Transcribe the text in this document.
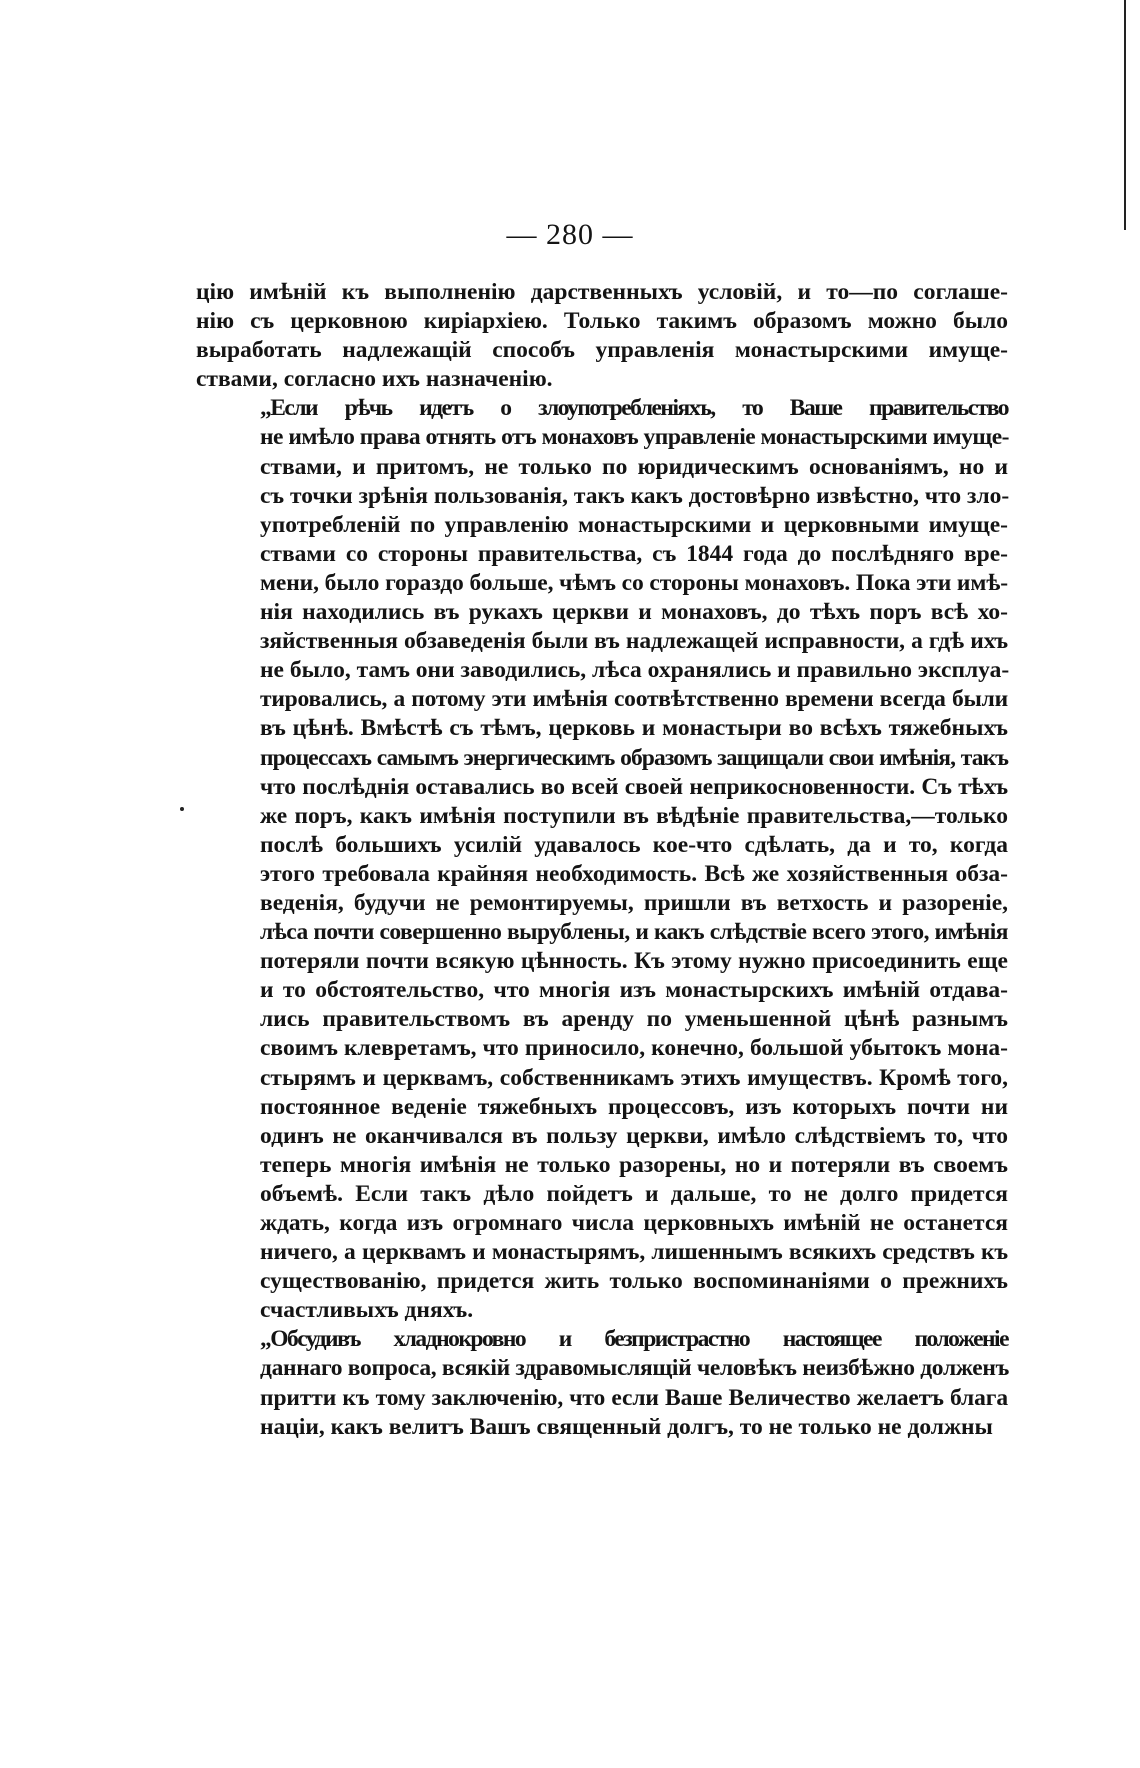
— 280 —
цію имѣній къ выполненію дарственныхъ условій, и то—по соглаше-
нію съ церковною киріархіею. Только такимъ образомъ можно было
выработать надлежащій способъ управленія монастырскими имуще-
ствами, согласно ихъ назначенію.
„Если рѣчь идетъ о злоупотребленіяхъ, то Ваше правительство
не имѣло права отнять отъ монаховъ управленіе монастырскими имуще-
ствами, и притомъ, не только по юридическимъ основаніямъ, но и
съ точки зрѣнія пользованія, такъ какъ достовѣрно извѣстно, что зло-
употребленій по управленію монастырскими и церковными имуще-
ствами со стороны правительства, съ 1844 года до послѣдняго вре-
мени, было гораздо больше, чѣмъ со стороны монаховъ. Пока эти имѣ-
нія находились въ рукахъ церкви и монаховъ, до тѣхъ поръ всѣ хо-
зяйственныя обзаведенія были въ надлежащей исправности, а гдѣ ихъ
не было, тамъ они заводились, лѣса охранялись и правильно эксплуа-
тировались, а потому эти имѣнія соотвѣтственно времени всегда были
въ цѣнѣ. Вмѣстѣ съ тѣмъ, церковь и монастыри во всѣхъ тяжебныхъ
процессахъ самымъ энергическимъ образомъ защищали свои имѣнія, такъ
что послѣднія оставались во всей своей неприкосновенности. Съ тѣхъ
же поръ, какъ имѣнія поступили въ вѣдѣніе правительства,—только
послѣ большихъ усилій удавалось кое-что сдѣлать, да и то, когда
этого требовала крайняя необходимость. Всѣ же хозяйственныя обза-
веденія, будучи не ремонтируемы, пришли въ ветхость и разореніе,
лѣса почти совершенно вырублены, и какъ слѣдствіе всего этого, имѣнія
потеряли почти всякую цѣнность. Къ этому нужно присоединить еще
и то обстоятельство, что многія изъ монастырскихъ имѣній отдава-
лись правительствомъ въ аренду по уменьшенной цѣнѣ разнымъ
своимъ клевретамъ, что приносило, конечно, большой убытокъ мона-
стырямъ и церквамъ, собственникамъ этихъ имуществъ. Кромѣ того,
постоянное веденіе тяжебныхъ процессовъ, изъ которыхъ почти ни
одинъ не оканчивался въ пользу церкви, имѣло слѣдствіемъ то, что
теперь многія имѣнія не только разорены, но и потеряли въ своемъ
объемѣ. Если такъ дѣло пойдетъ и дальше, то не долго придется
ждать, когда изъ огромнаго числа церковныхъ имѣній не останется
ничего, а церквамъ и монастырямъ, лишеннымъ всякихъ средствъ къ
существованію, придется жить только воспоминаніями о прежнихъ
счастливыхъ дняхъ.
„Обсудивъ хладнокровно и безпристрастно настоящее положеніе
даннаго вопроса, всякій здравомыслящій человѣкъ неизбѣжно долженъ
притти къ тому заключенію, что если Ваше Величество желаетъ блага
націи, какъ велитъ Вашъ священный долгъ, то не только не должны
